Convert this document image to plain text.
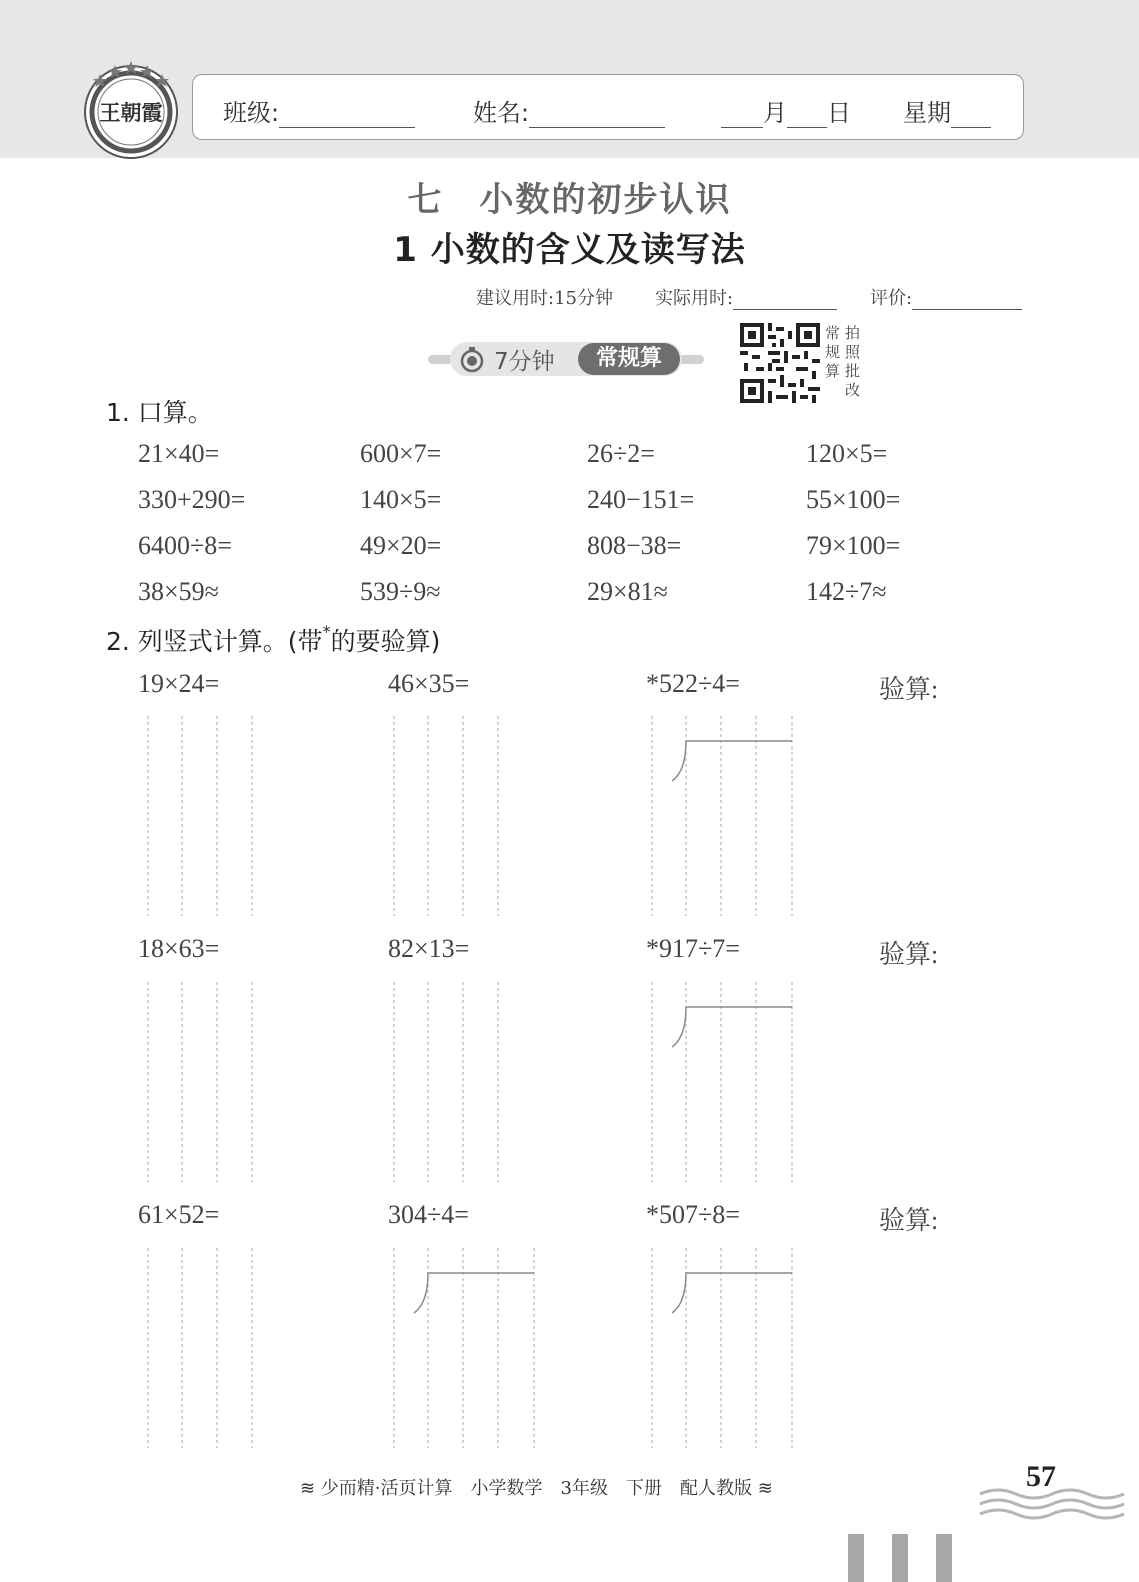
王朝霞	班级:	姓名:	月 日 星期
七　小数的初步认识
1 小数的含义及读写法
建议用时:15分钟 实际用时:	评价:
7分钟	常规算
常规算
拍照批改
1. 口算。
21×40=	600×7=	26÷2=	120×5=
330+290=	140×5=	240−151=	55×100=
6400÷8=	49×20=	808−38=	79×100=
38×59≈	539÷9≈	29×81≈	142÷7≈
2. 列竖式计算。(带*的要验算)
19×24=	46×35=	*522÷4=	验算:
18×63=	82×13=	*917÷7=	验算:
61×52=	304÷4=	*507÷8=	验算:
≋ 少而精·活页计算　小学数学　3年级　下册　配人教版 ≋	57
